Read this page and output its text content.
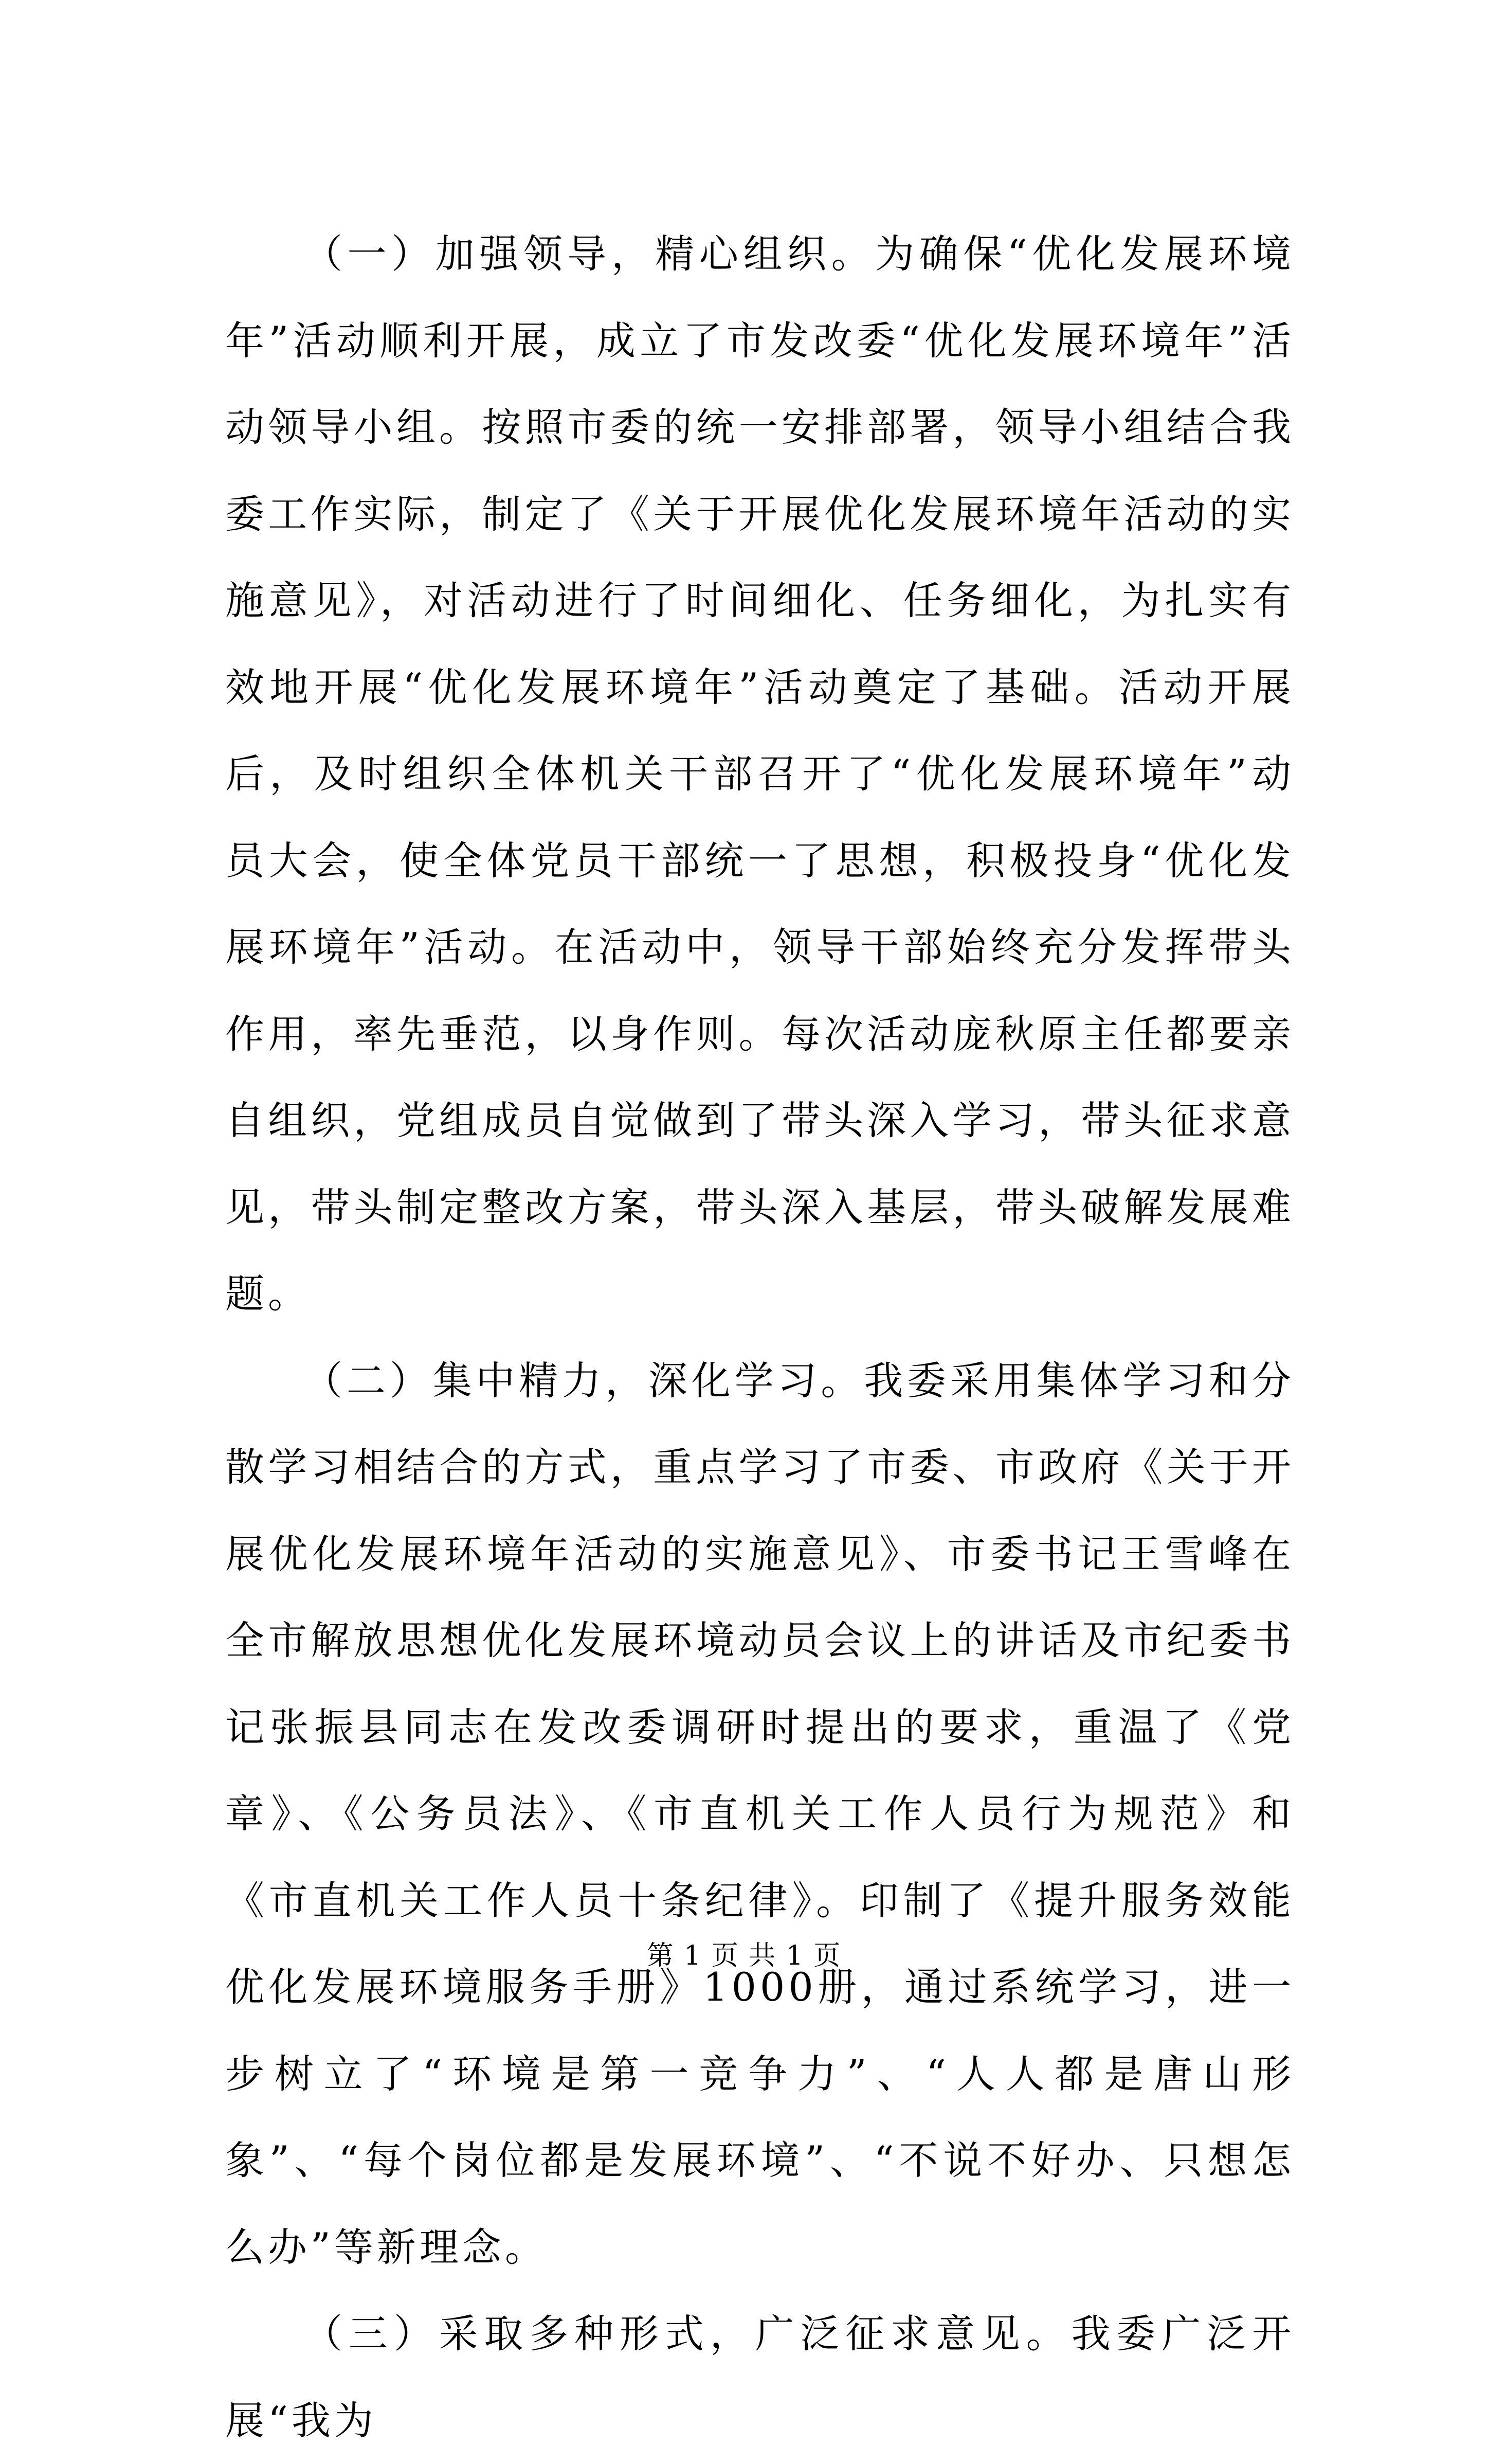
（一）加强领导，精心组织。为确保“优化发展环境年”活动顺利开展，成立了市发改委“优化发展环境年”活动领导小组。按照市委的统一安排部署，领导小组结合我委工作实际，制定了《关于开展优化发展环境年活动的实施意见》，对活动进行了时间细化、任务细化，为扎实有效地开展“优化发展环境年”活动奠定了基础。活动开展后，及时组织全体机关干部召开了“优化发展环境年”动员大会，使全体党员干部统一了思想，积极投身“优化发展环境年”活动。在活动中，领导干部始终充分发挥带头作用，率先垂范，以身作则。每次活动庞秋原主任都要亲自组织，党组成员自觉做到了带头深入学习，带头征求意见，带头制定整改方案，带头深入基层，带头破解发展难题。

（二）集中精力，深化学习。我委采用集体学习和分散学习相结合的方式，重点学习了市委、市政府《关于开展优化发展环境年活动的实施意见》、市委书记王雪峰在全市解放思想优化发展环境动员会议上的讲话及市纪委书记张振县同志在发改委调研时提出的要求，重温了《党章》、《公务员法》、《市直机关工作人员行为规范》和《市直机关工作人员十条纪律》。印制了《提升服务效能优化发展环境服务手册》1000册，通过系统学习，进一步树立了“环境是第一竞争力”、“人人都是唐山形象”、“每个岗位都是发展环境”、“不说不好办、只想怎么办”等新理念。

（三）采取多种形式，广泛征求意见。我委广泛开展“我为

第 1 页 共 1 页
